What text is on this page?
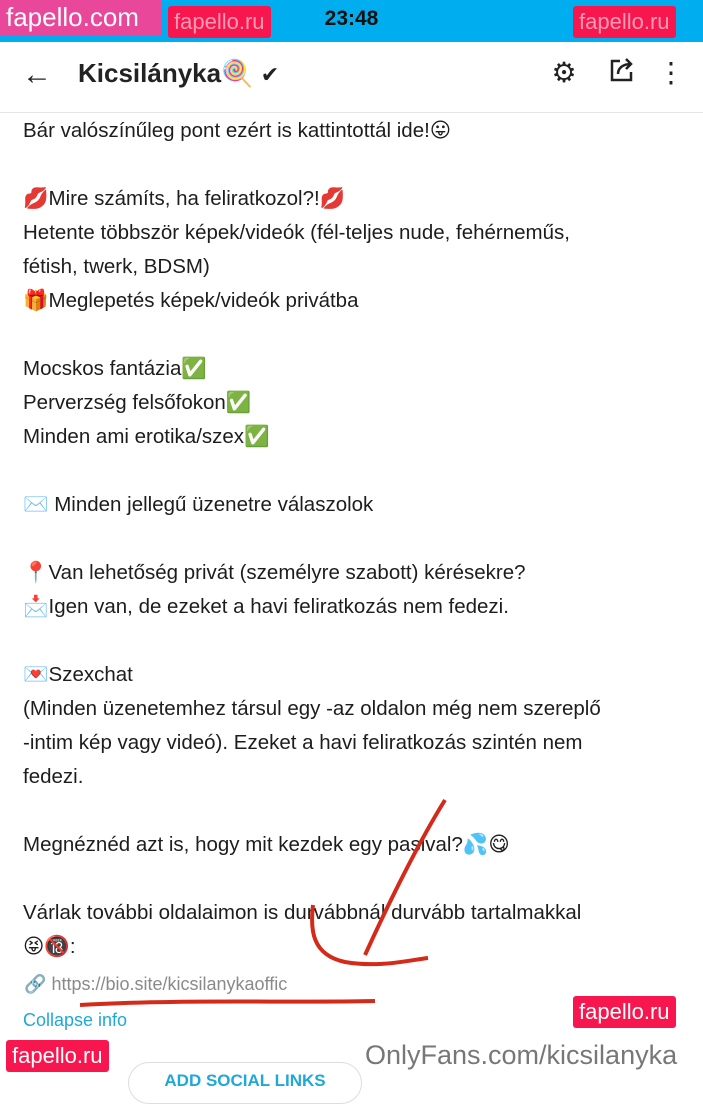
fapello.com	23:48
← Kicsilánykа🍭 ✔	⚙	⋮
Bár valószínűleg pont ezért is kattintottál ide!😛
💋Mire számíts, ha feliratkozol?!💋
Hetente többször képek/videók (fél-teljes nude, fehérneműs,
fétish, twerk, BDSM)
🎁Meglepetés képek/videók privátba
Mocskos fantázia✅
Perverzség felsőfokon✅
Minden ami erotika/szex✅
✉️ Minden jellegű üzenetre válaszolok
📍Van lehetőség privát (személyre szabott) kérésekre?
📩Igen van, de ezeket a havi feliratkozás nem fedezi.
💌Szexchat
(Minden üzenetemhez társul egy -az oldalon még nem szereplő
-intim kép vagy videó). Ezeket a havi feliratkozás szintén nem
fedezi.
Megnéznéd azt is, hogy mit kezdek egy pasival?💦😋
Várlak további oldalaimon is durvábbnál durvább tartalmakkal
😝🔞:
🔗 https://bio.site/kicsilanykaoffic
Collapse info
OnlyFans.com/kicsilanyka
ADD SOCIAL LINKS
fapello.ru	fapello.ru
fapello.ru
fapello.ru
